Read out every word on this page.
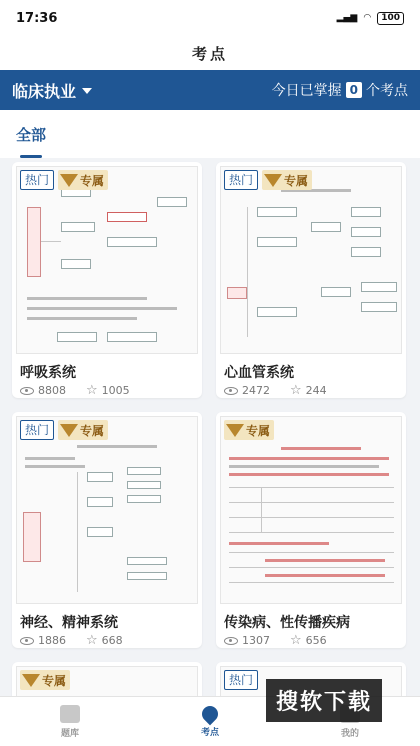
17:36	▂▄▆ ◠	100
考点
临床执业	今日已掌握 0 个考点
全部
热门	专属
呼吸系统
8808 ☆ 1005
热门	专属
心血管系统
2472 ☆ 244
热门	专属
神经、精神系统
1886 ☆ 668
专属
传染病、性传播疾病
1307 ☆ 656
专属	热门
搜软下载
题库	考点	我的
